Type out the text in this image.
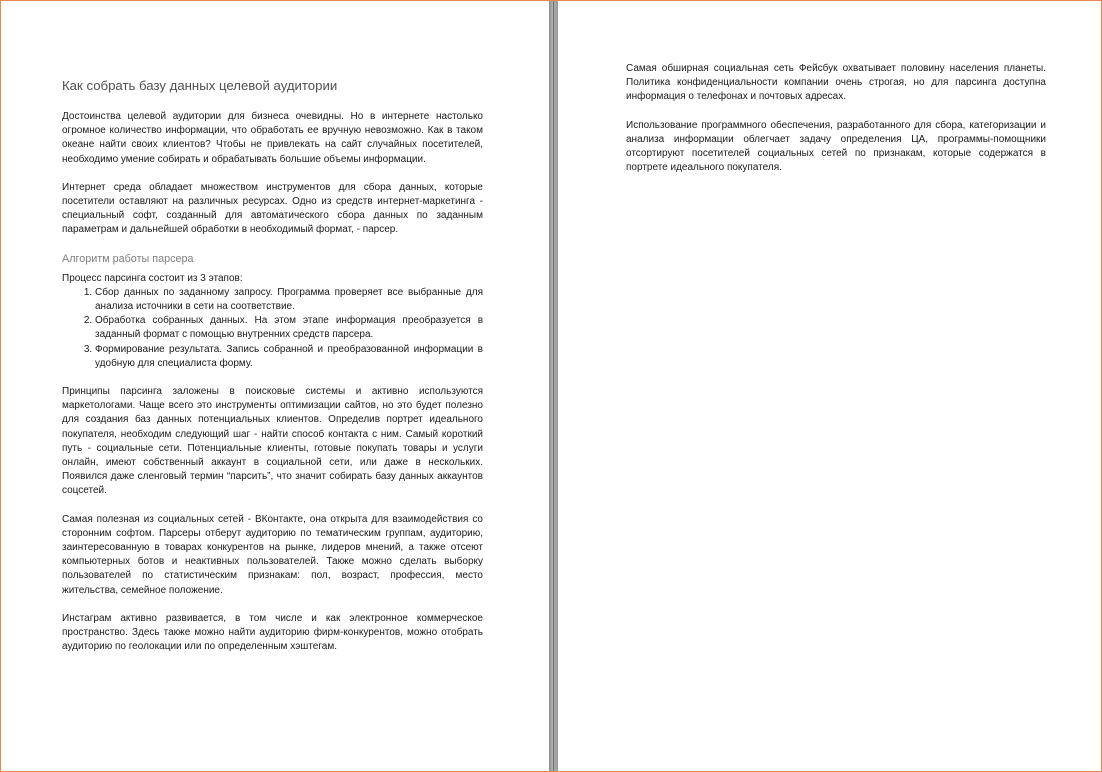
Как собрать базу данных целевой аудитории

Достоинства целевой аудитории для бизнеса очевидны. Но в интернете настолько огромное количество информации, что обработать ее вручную невозможно. Как в таком океане найти своих клиентов? Чтобы не привлекать на сайт случайных посетителей, необходимо умение собирать и обрабатывать большие объемы информации.

Интернет среда обладает множеством инструментов для сбора данных, которые посетители оставляют на различных ресурсах. Одно из средств интернет-маркетинга - специальный софт, созданный для автоматического сбора данных по заданным параметрам и дальнейшей обработки в необходимый формат, - парсер.

Алгоритм работы парсера

Процесс парсинга состоит из 3 этапов:

1. Сбор данных по заданному запросу. Программа проверяет все выбранные для анализа источники в сети на соответствие.
2. Обработка собранных данных. На этом этапе информация преобразуется в заданный формат с помощью внутренних средств парсера.
3. Формирование результата. Запись собранной и преобразованной информации в удобную для специалиста форму.

Принципы парсинга заложены в поисковые системы и активно используются маркетологами. Чаще всего это инструменты оптимизации сайтов, но это будет полезно для создания баз данных потенциальных клиентов. Определив портрет идеального покупателя, необходим следующий шаг - найти способ контакта с ним. Самый короткий путь - социальные сети. Потенциальные клиенты, готовые покупать товары и услуги онлайн, имеют собственный аккаунт в социальной сети, или даже в нескольких. Появился даже сленговый термин “парсить”, что значит собирать базу данных аккаунтов соцсетей.

Самая полезная из социальных сетей - ВКонтакте, она открыта для взаимодействия со сторонним софтом. Парсеры отберут аудиторию по тематическим группам, аудиторию, заинтересованную в товарах конкурентов на рынке, лидеров мнений, а также отсеют компьютерных ботов и неактивных пользователей. Также можно сделать выборку пользователей по статистическим признакам: пол, возраст, профессия, место жительства, семейное положение.

Инстаграм активно развивается, в том числе и как электронное коммерческое пространство. Здесь также можно найти аудиторию фирм-конкурентов, можно отобрать аудиторию по геолокации или по определенным хэштегам.

Самая обширная социальная сеть Фейсбук охватывает половину населения планеты. Политика конфиденциальности компании очень строгая, но для парсинга доступна информация о телефонах и почтовых адресах.

Использование программного обеспечения, разработанного для сбора, категоризации и анализа информации облегчает задачу определения ЦА, программы-помощники отсортируют посетителей социальных сетей по признакам, которые содержатся в портрете идеального покупателя.
